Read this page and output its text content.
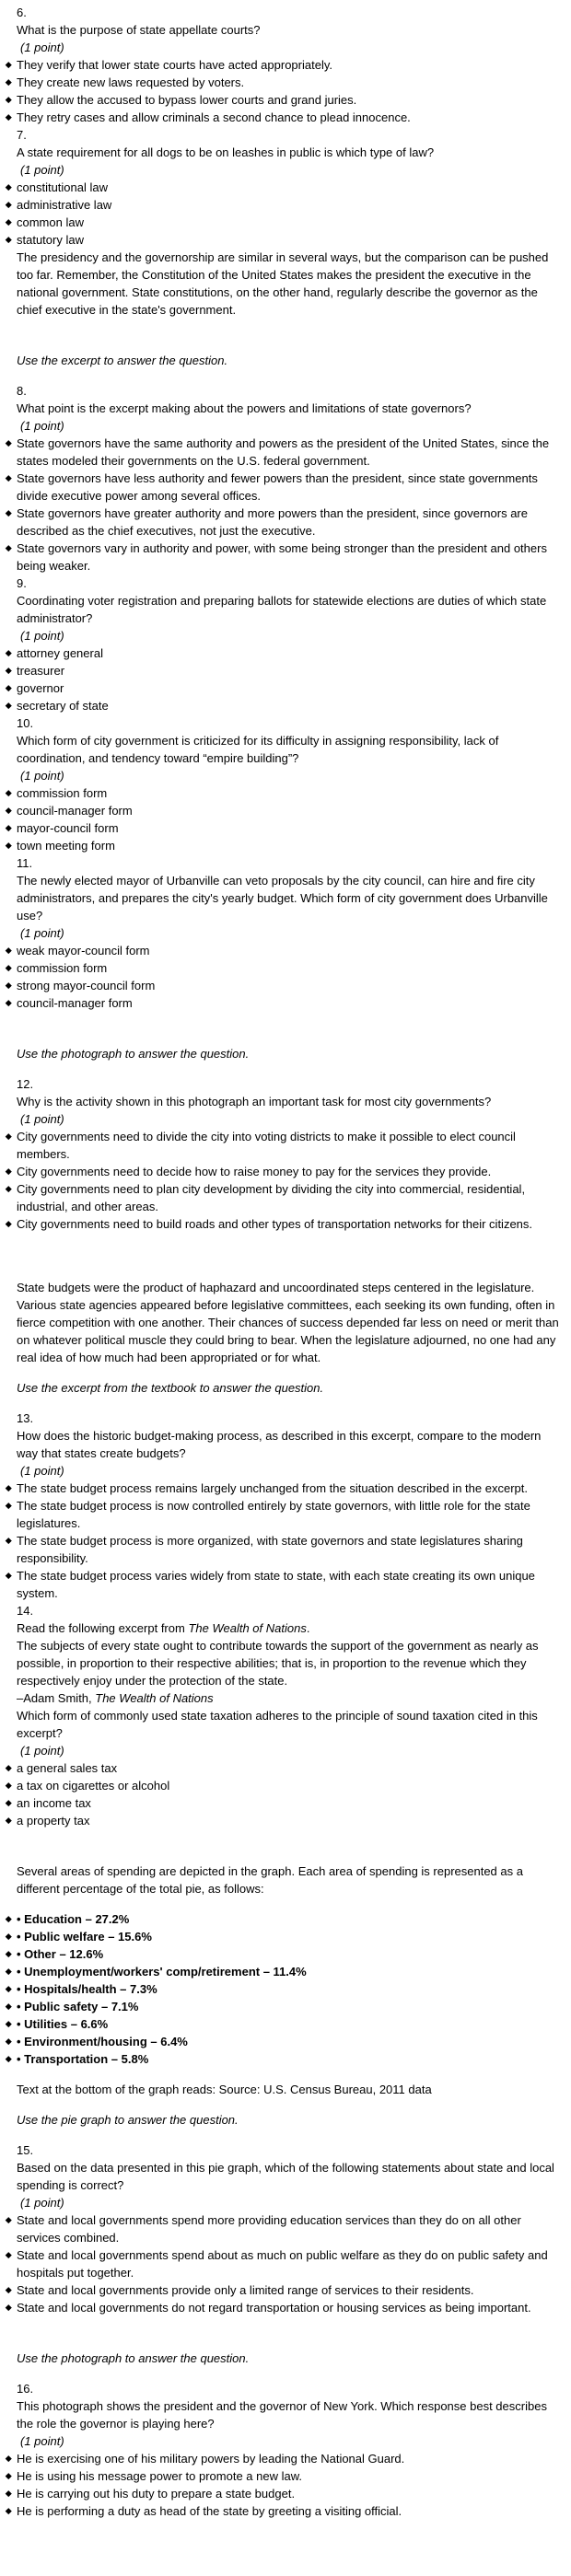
6.
What is the purpose of state appellate courts?
(1 point)
They verify that lower state courts have acted appropriately.
They create new laws requested by voters.
They allow the accused to bypass lower courts and grand juries.
They retry cases and allow criminals a second chance to plead innocence.
7.
A state requirement for all dogs to be on leashes in public is which type of law?
(1 point)
constitutional law
administrative law
common law
statutory law
The presidency and the governorship are similar in several ways, but the comparison can be pushed too far. Remember, the Constitution of the United States makes the president the executive in the national government. State constitutions, on the other hand, regularly describe the governor as the chief executive in the state's government.
Use the excerpt to answer the question.
8.
What point is the excerpt making about the powers and limitations of state governors?
(1 point)
State governors have the same authority and powers as the president of the United States, since the states modeled their governments on the U.S. federal government.
State governors have less authority and fewer powers than the president, since state governments divide executive power among several offices.
State governors have greater authority and more powers than the president, since governors are described as the chief executives, not just the executive.
State governors vary in authority and power, with some being stronger than the president and others being weaker.
9.
Coordinating voter registration and preparing ballots for statewide elections are duties of which state administrator?
(1 point)
attorney general
treasurer
governor
secretary of state
10.
Which form of city government is criticized for its difficulty in assigning responsibility, lack of coordination, and tendency toward “empire building”?
(1 point)
commission form
council-manager form
mayor-council form
town meeting form
11.
The newly elected mayor of Urbanville can veto proposals by the city council, can hire and fire city administrators, and prepares the city's yearly budget. Which form of city government does Urbanville use?
(1 point)
weak mayor-council form
commission form
strong mayor-council form
council-manager form
Use the photograph to answer the question.
12.
Why is the activity shown in this photograph an important task for most city governments?
(1 point)
City governments need to divide the city into voting districts to make it possible to elect council members.
City governments need to decide how to raise money to pay for the services they provide.
City governments need to plan city development by dividing the city into commercial, residential, industrial, and other areas.
City governments need to build roads and other types of transportation networks for their citizens.
State budgets were the product of haphazard and uncoordinated steps centered in the legislature. Various state agencies appeared before legislative committees, each seeking its own funding, often in fierce competition with one another. Their chances of success depended far less on need or merit than on whatever political muscle they could bring to bear. When the legislature adjourned, no one had any real idea of how much had been appropriated or for what.
Use the excerpt from the textbook to answer the question.
13.
How does the historic budget-making process, as described in this excerpt, compare to the modern way that states create budgets?
(1 point)
The state budget process remains largely unchanged from the situation described in the excerpt.
The state budget process is now controlled entirely by state governors, with little role for the state legislatures.
The state budget process is more organized, with state governors and state legislatures sharing responsibility.
The state budget process varies widely from state to state, with each state creating its own unique system.
14.
Read the following excerpt from The Wealth of Nations.
The subjects of every state ought to contribute towards the support of the government as nearly as possible, in proportion to their respective abilities; that is, in proportion to the revenue which they respectively enjoy under the protection of the state.
–Adam Smith, The Wealth of Nations
Which form of commonly used state taxation adheres to the principle of sound taxation cited in this excerpt?
(1 point)
a general sales tax
a tax on cigarettes or alcohol
an income tax
a property tax
Several areas of spending are depicted in the graph. Each area of spending is represented as a different percentage of the total pie, as follows:
• Education – 27.2%
• Public welfare – 15.6%
• Other – 12.6%
• Unemployment/workers' comp/retirement – 11.4%
• Hospitals/health – 7.3%
• Public safety – 7.1%
• Utilities – 6.6%
• Environment/housing – 6.4%
• Transportation – 5.8%
Text at the bottom of the graph reads: Source: U.S. Census Bureau, 2011 data
Use the pie graph to answer the question.
15.
Based on the data presented in this pie graph, which of the following statements about state and local spending is correct?
(1 point)
State and local governments spend more providing education services than they do on all other services combined.
State and local governments spend about as much on public welfare as they do on public safety and hospitals put together.
State and local governments provide only a limited range of services to their residents.
State and local governments do not regard transportation or housing services as being important.
Use the photograph to answer the question.
16.
This photograph shows the president and the governor of New York. Which response best describes the role the governor is playing here?
(1 point)
He is exercising one of his military powers by leading the National Guard.
He is using his message power to promote a new law.
He is carrying out his duty to prepare a state budget.
He is performing a duty as head of the state by greeting a visiting official.
